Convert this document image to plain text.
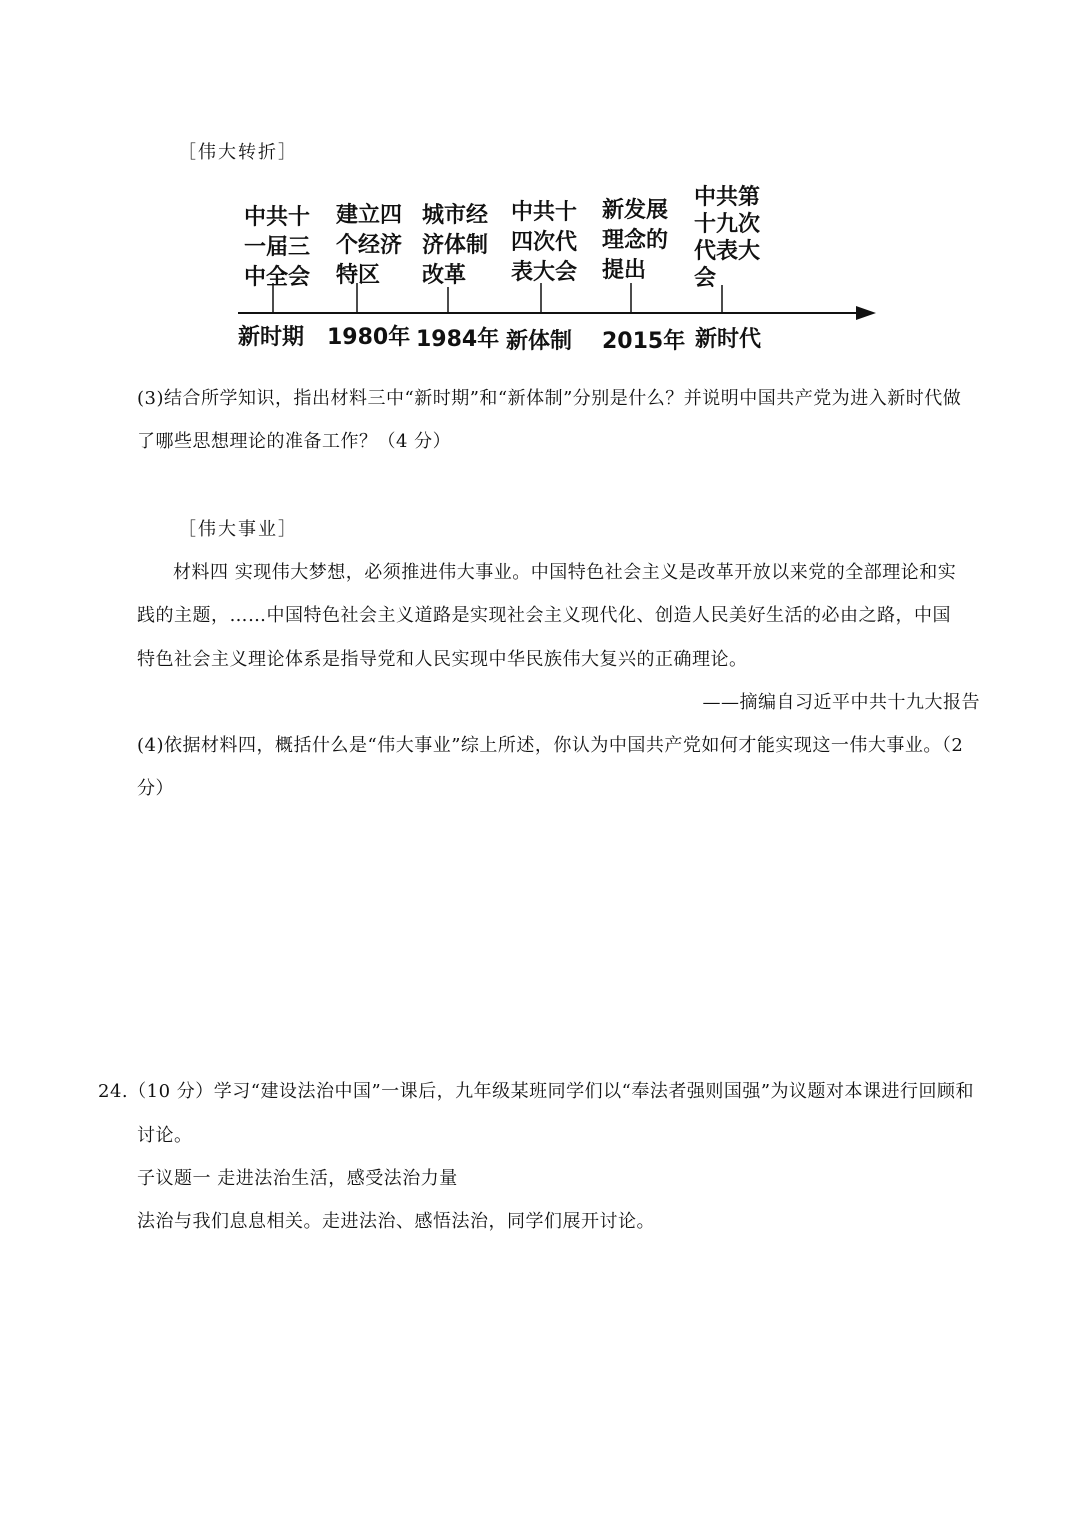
［伟大转折］
中共十
一届三
中全会
建立四
个经济
特区
城市经
济体制
改革
中共十
四次代
表大会
新发展
理念的
提出
中共第
十九次
代表大
会
新时期 1980年 1984年 新体制 2015年 新时代
(3)结合所学知识，指出材料三中“新时期”和“新体制”分别是什么？并说明中国共产党为进入新时代做
了哪些思想理论的准备工作？（4 分）
［伟大事业］
材料四 实现伟大梦想，必须推进伟大事业。中国特色社会主义是改革开放以来党的全部理论和实
践的主题，……中国特色社会主义道路是实现社会主义现代化、创造人民美好生活的必由之路，中国
特色社会主义理论体系是指导党和人民实现中华民族伟大复兴的正确理论。
——摘编自习近平中共十九大报告
(4)依据材料四，概括什么是“伟大事业”综上所述，你认为中国共产党如何才能实现这一伟大事业。（2
分）
24.（10 分）学习“建设法治中国”一课后，九年级某班同学们以“奉法者强则国强”为议题对本课进行回顾和
讨论。
子议题一 走进法治生活，感受法治力量
法治与我们息息相关。走进法治、感悟法治，同学们展开讨论。
